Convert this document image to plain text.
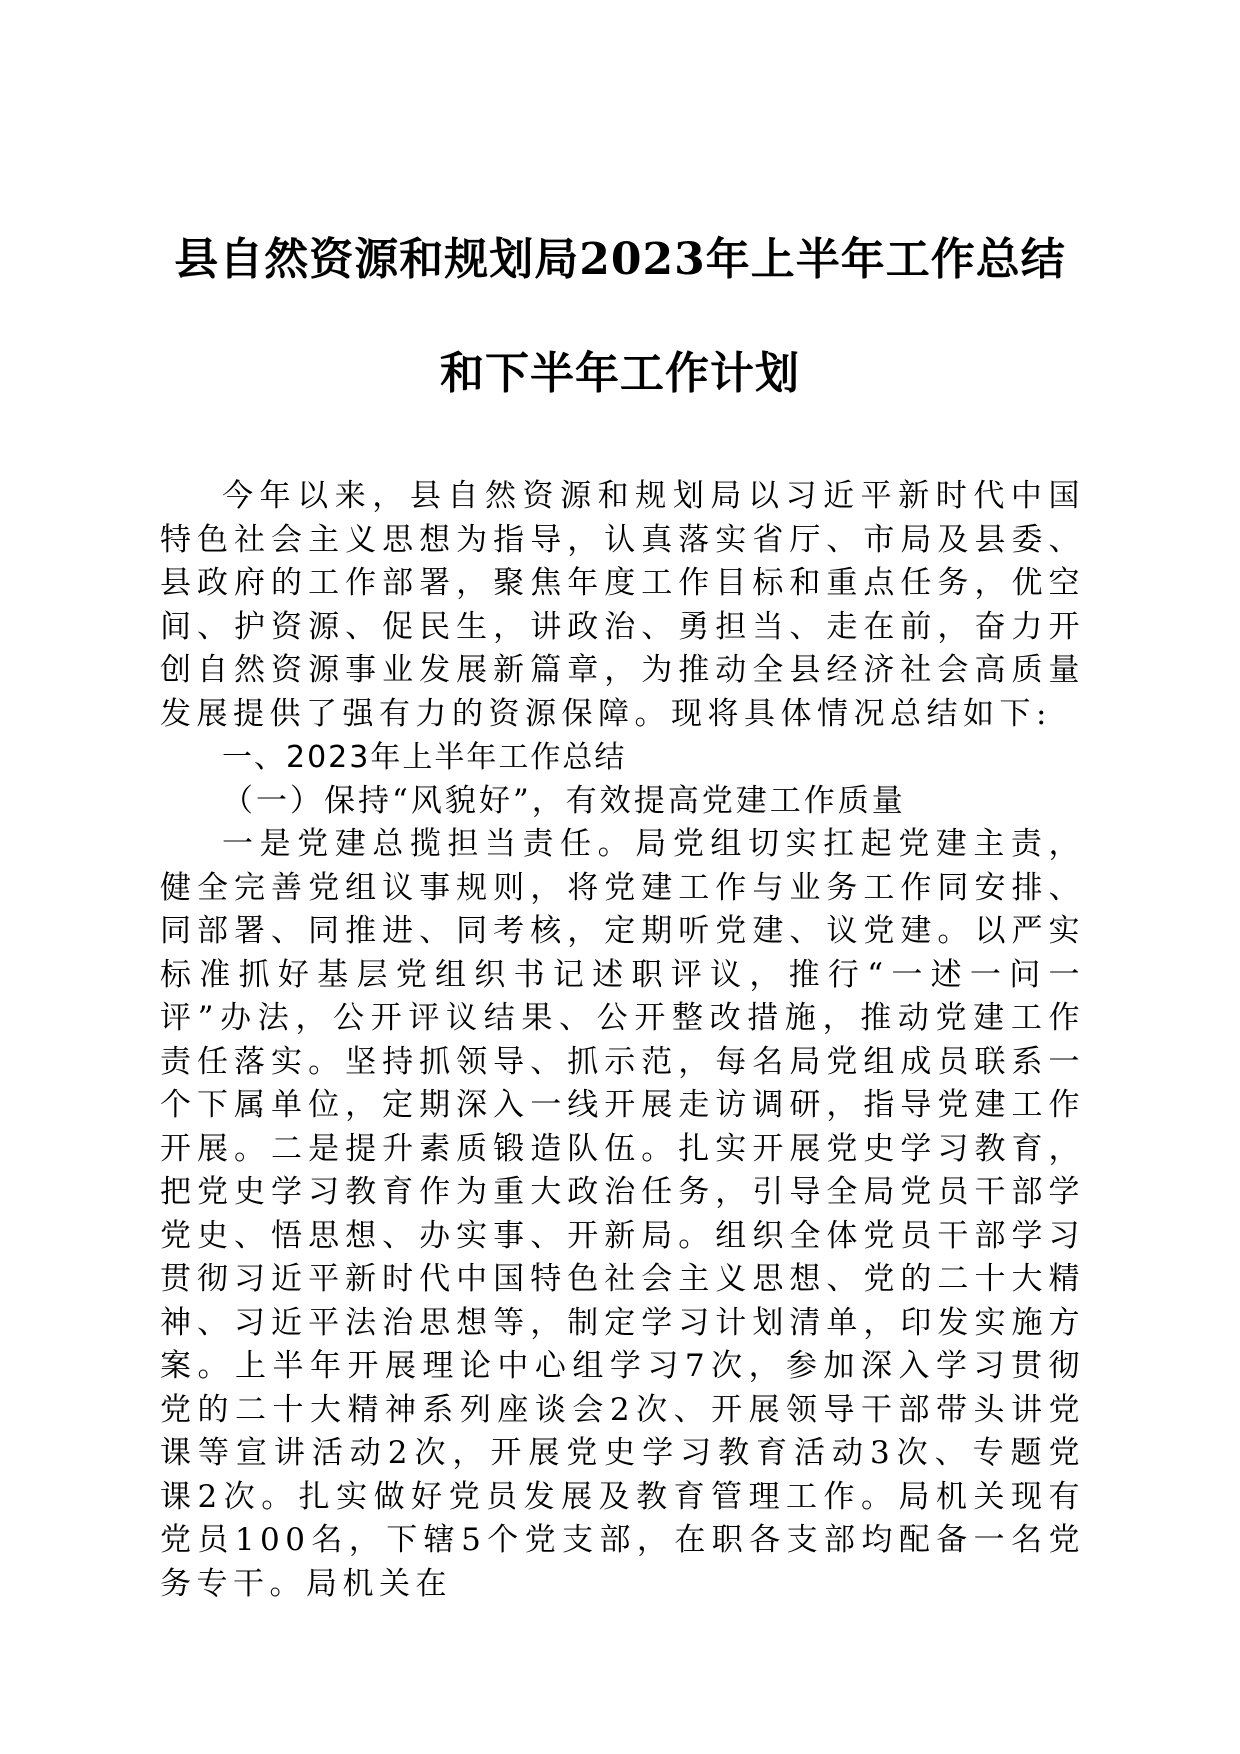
县自然资源和规划局2023年上半年工作总结
和下半年工作计划

今年以来，县自然资源和规划局以习近平新时代中国特色社会主义思想为指导，认真落实省厅、市局及县委、县政府的工作部署，聚焦年度工作目标和重点任务，优空间、护资源、促民生，讲政治、勇担当、走在前，奋力开创自然资源事业发展新篇章，为推动全县经济社会高质量发展提供了强有力的资源保障。现将具体情况总结如下:

一、2023年上半年工作总结

（一）保持“风貌好”，有效提高党建工作质量

一是党建总揽担当责任。局党组切实扛起党建主责，健全完善党组议事规则，将党建工作与业务工作同安排、同部署、同推进、同考核，定期听党建、议党建。以严实标准抓好基层党组织书记述职评议，推行“一述一问一评”办法，公开评议结果、公开整改措施，推动党建工作责任落实。坚持抓领导、抓示范，每名局党组成员联系一个下属单位，定期深入一线开展走访调研，指导党建工作开展。二是提升素质锻造队伍。扎实开展党史学习教育，把党史学习教育作为重大政治任务，引导全局党员干部学党史、悟思想、办实事、开新局。组织全体党员干部学习贯彻习近平新时代中国特色社会主义思想、党的二十大精神、习近平法治思想等，制定学习计划清单，印发实施方案。上半年开展理论中心组学习7次，参加深入学习贯彻党的二十大精神系列座谈会2次、开展领导干部带头讲党课等宣讲活动2次，开展党史学习教育活动3次、专题党课2次。扎实做好党员发展及教育管理工作。局机关现有党员100名，下辖5个党支部，在职各支部均配备一名党务专干。局机关在
